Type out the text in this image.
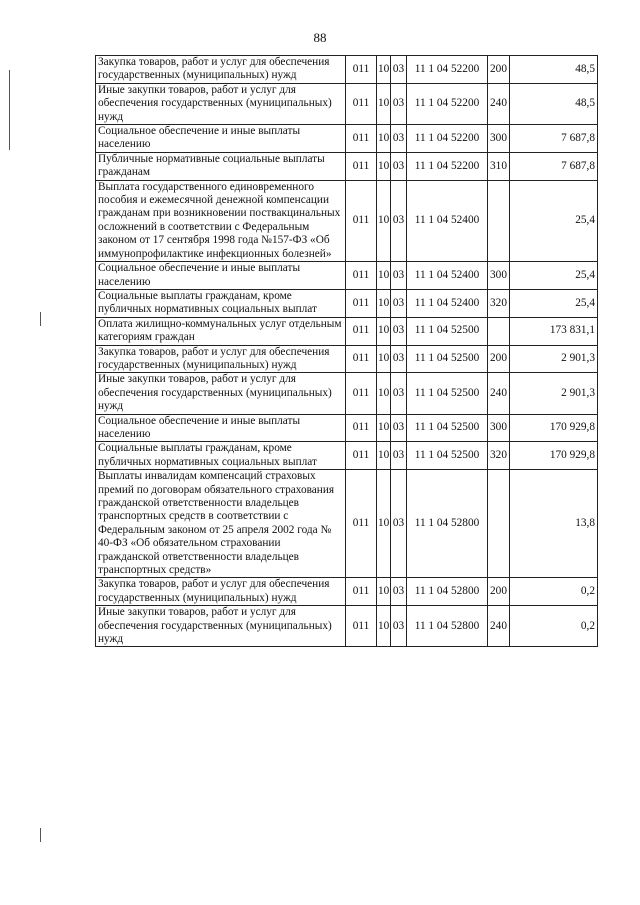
88
Закупка товаров, работ и услуг для обеспечения государственных (муниципальных) нужд	011	10	03	11 1 04 52200	200	48,5
Иные закупки товаров, работ и услуг для обеспечения государственных (муниципальных) нужд	011	10	03	11 1 04 52200	240	48,5
Социальное обеспечение и иные выплаты населению	011	10	03	11 1 04 52200	300	7 687,8
Публичные нормативные социальные выплаты гражданам	011	10	03	11 1 04 52200	310	7 687,8
Выплата государственного единовременного пособия и ежемесячной денежной компенсации гражданам при возникновении поствакцинальных осложнений в соответствии с Федеральным законом от 17 сентября 1998 года №157-ФЗ «Об иммунопрофилактике инфекционных болезней»	011	10	03	11 1 04 52400		25,4
Социальное обеспечение и иные выплаты населению	011	10	03	11 1 04 52400	300	25,4
Социальные выплаты гражданам, кроме публичных нормативных социальных выплат	011	10	03	11 1 04 52400	320	25,4
Оплата жилищно-коммунальных услуг отдельным категориям граждан	011	10	03	11 1 04 52500		173 831,1
Закупка товаров, работ и услуг для обеспечения государственных (муниципальных) нужд	011	10	03	11 1 04 52500	200	2 901,3
Иные закупки товаров, работ и услуг для обеспечения государственных (муниципальных) нужд	011	10	03	11 1 04 52500	240	2 901,3
Социальное обеспечение и иные выплаты населению	011	10	03	11 1 04 52500	300	170 929,8
Социальные выплаты гражданам, кроме публичных нормативных социальных выплат	011	10	03	11 1 04 52500	320	170 929,8
Выплаты инвалидам компенсаций страховых премий по договорам обязательного страхования гражданской ответственности владельцев транспортных средств в соответствии с Федеральным законом от 25 апреля 2002 года № 40-ФЗ «Об обязательном страховании гражданской ответственности владельцев транспортных средств»	011	10	03	11 1 04 52800		13,8
Закупка товаров, работ и услуг для обеспечения государственных (муниципальных) нужд	011	10	03	11 1 04 52800	200	0,2
Иные закупки товаров, работ и услуг для обеспечения государственных (муниципальных) нужд	011	10	03	11 1 04 52800	240	0,2
